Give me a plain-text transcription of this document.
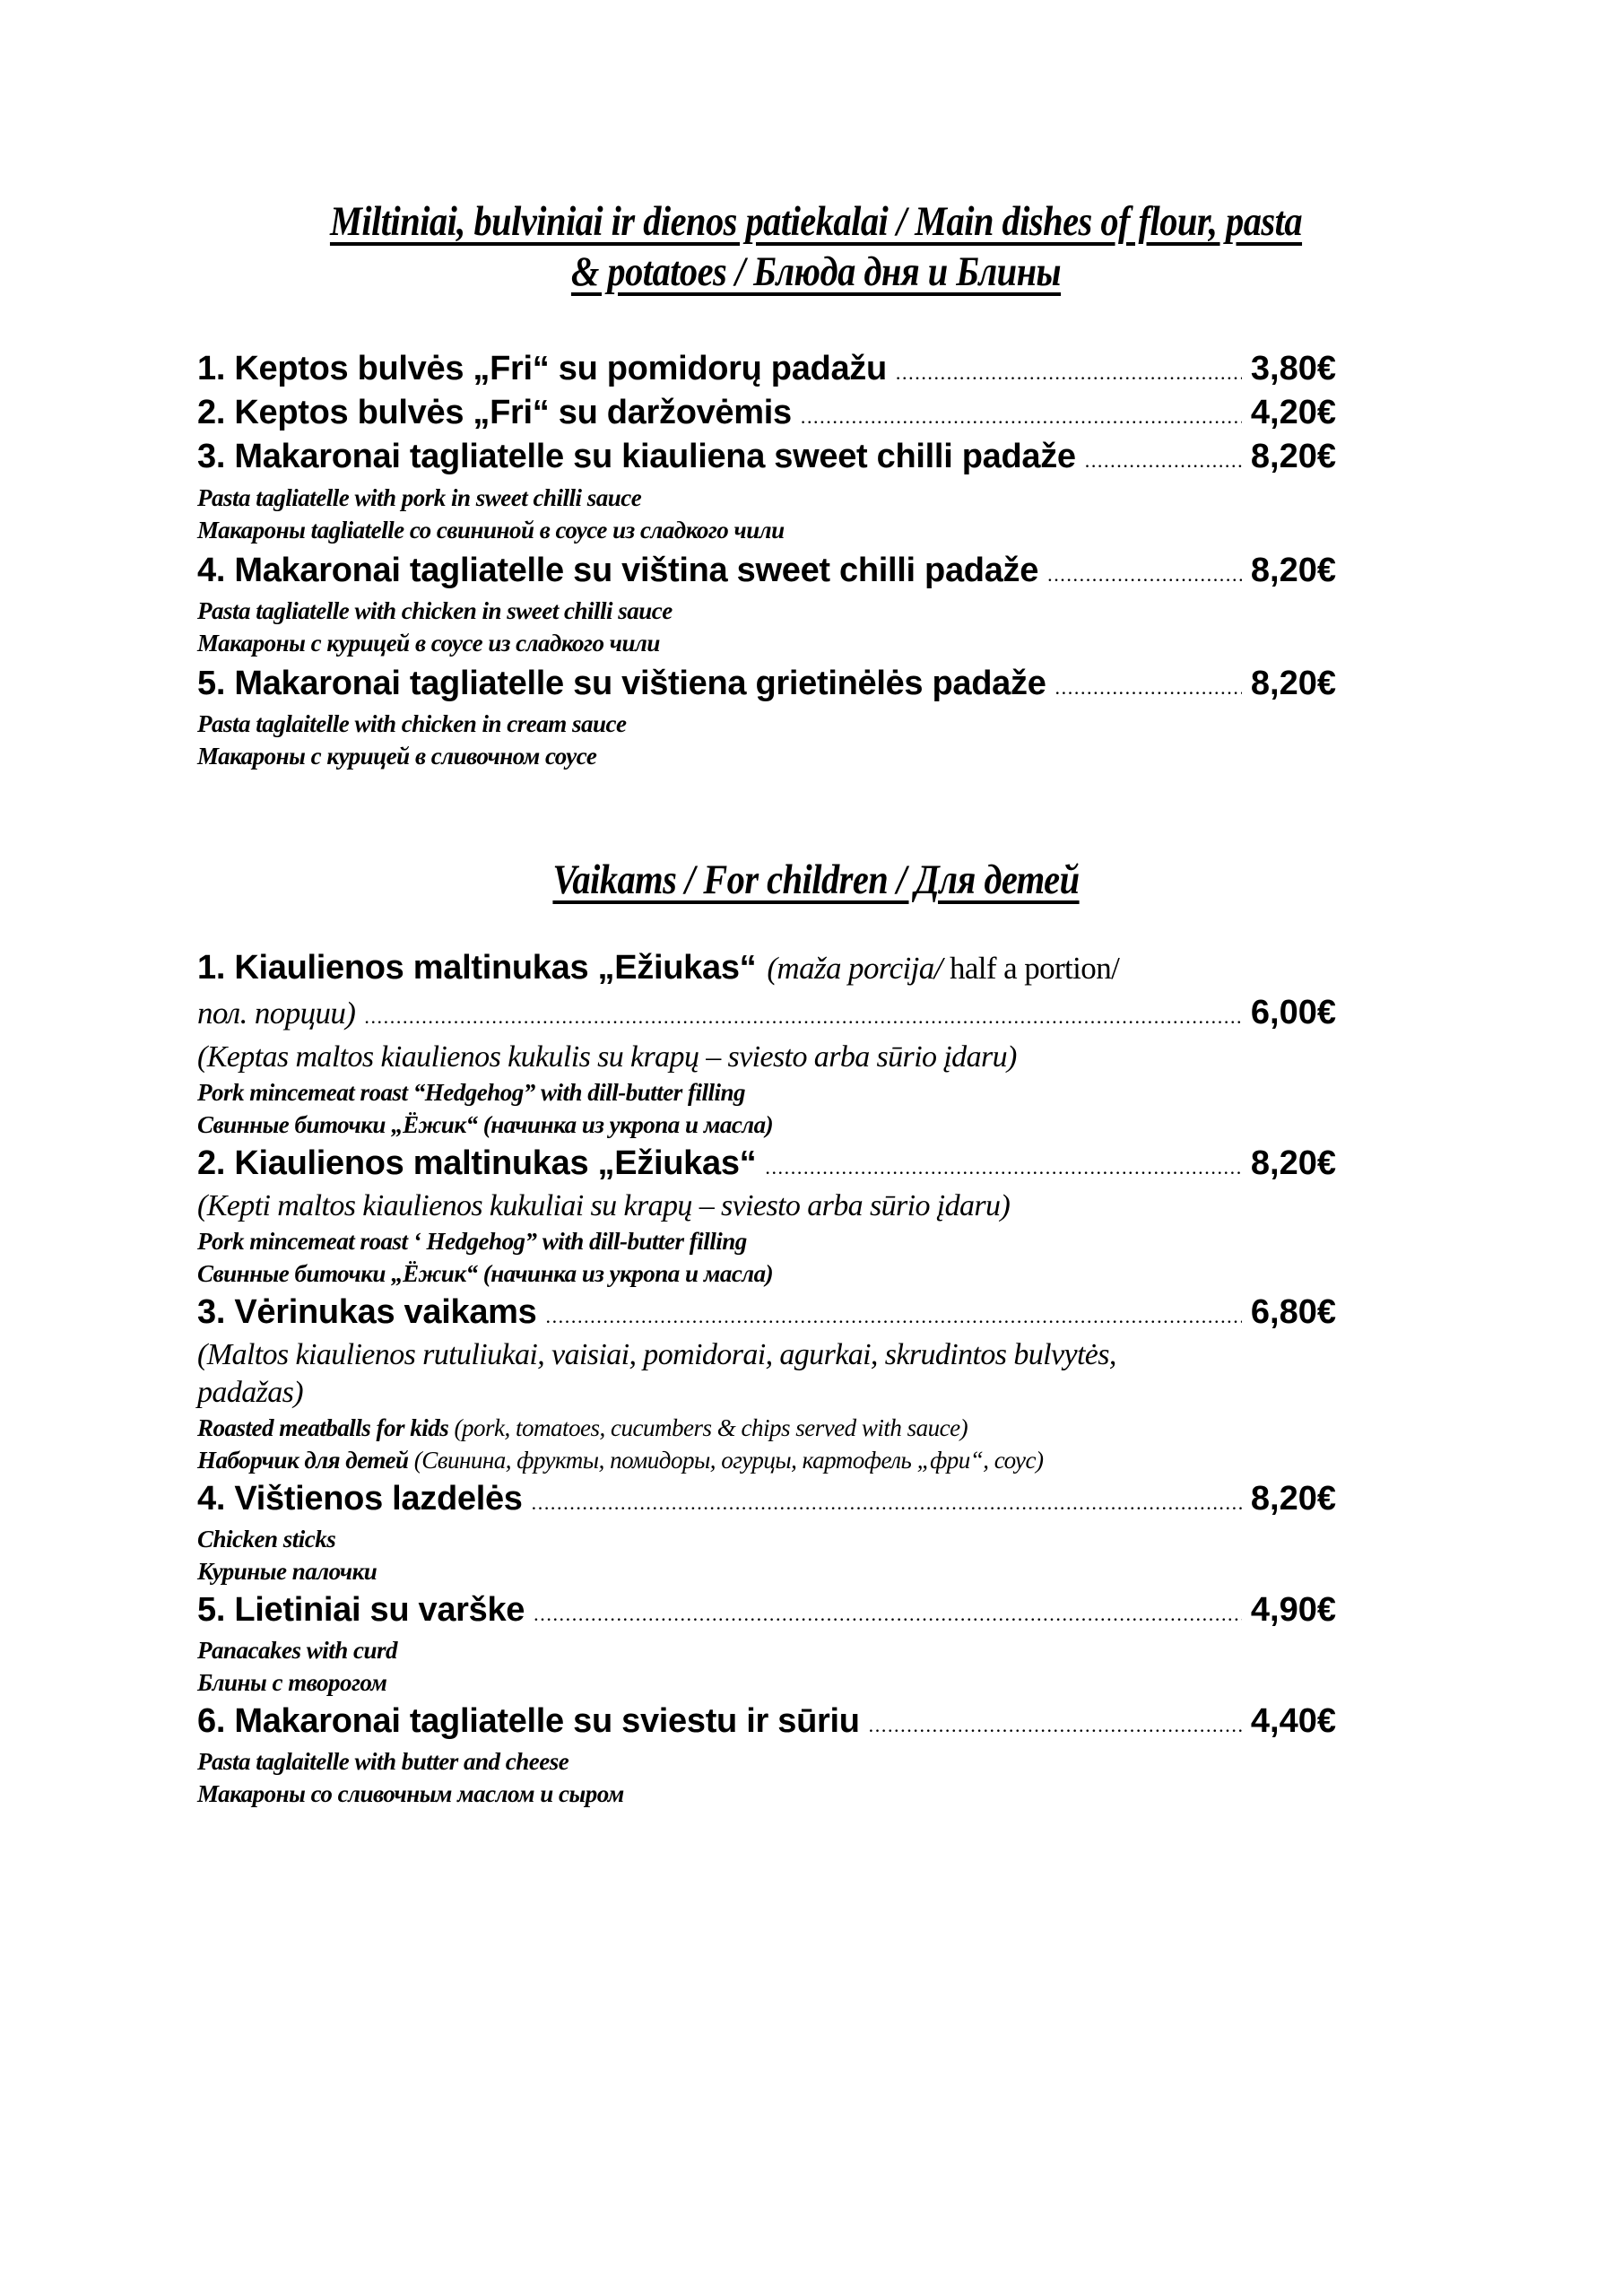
Miltiniai, bulviniai ir dienos patiekalai / Main dishes of flour, pasta
& potatoes / Блюда дня и Блины
1. Keptos bulvės „Fri“ su pomidorų padažu .....	3,80€
2. Keptos bulvės „Fri“ su daržovėmis .....	4,20€
3. Makaronai tagliatelle su kiauliena sweet chilli padaže .....	8,20€
Pasta tagliatelle with pork in sweet chilli sauce
Макароны tagliatelle со свининой в соусе из сладкого чили
4. Makaronai tagliatelle su viština sweet chilli padaže .....	8,20€
Pasta tagliatelle with chicken in sweet chilli sauce
Макароны с курицей в соусе из сладкого чили
5. Makaronai tagliatelle su vištiena grietinėlės padaže .....	8,20€
Pasta taglaitelle with chicken in cream sauce
Макароны с курицей в сливочном соусе
Vaikams / For children / Для детей
1. Kiaulienos maltinukas „Ežiukas“ (maža porcija/ half a portion/
пол. порции) .....	6,00€
(Keptas maltos kiaulienos kukulis su krapų – sviesto arba sūrio įdaru)
Pork mincemeat roast “Hedgehog” with dill-butter filling
Свинные биточки „Ёжик“ (начинка из укропа и масла)
2. Kiaulienos maltinukas „Ežiukas“ .....	8,20€
(Kepti maltos kiaulienos kukuliai su krapų – sviesto arba sūrio įdaru)
Pork mincemeat roast ‘ Hedgehog” with dill-butter filling
Свинные биточки „Ёжик“ (начинка из укропа и масла)
3. Vėrinukas vaikams .....	6,80€
(Maltos kiaulienos rutuliukai, vaisiai, pomidorai, agurkai, skrudintos bulvytės,
padažas)
Roasted meatballs for kids (pork, tomatoes, cucumbers & chips served with sauce)
Наборчик для детей (Свинина, фрукты, помидоры, огурцы, картофель „фри“, соус)
4. Vištienos lazdelės .....	8,20€
Chicken sticks
Куриные палочки
5. Lietiniai su varške .....	4,90€
Panacakes with curd
Блины с творогом
6. Makaronai tagliatelle su sviestu ir sūriu .....	4,40€
Pasta taglaitelle with butter and cheese
Макароны со сливочным маслом и сыром
